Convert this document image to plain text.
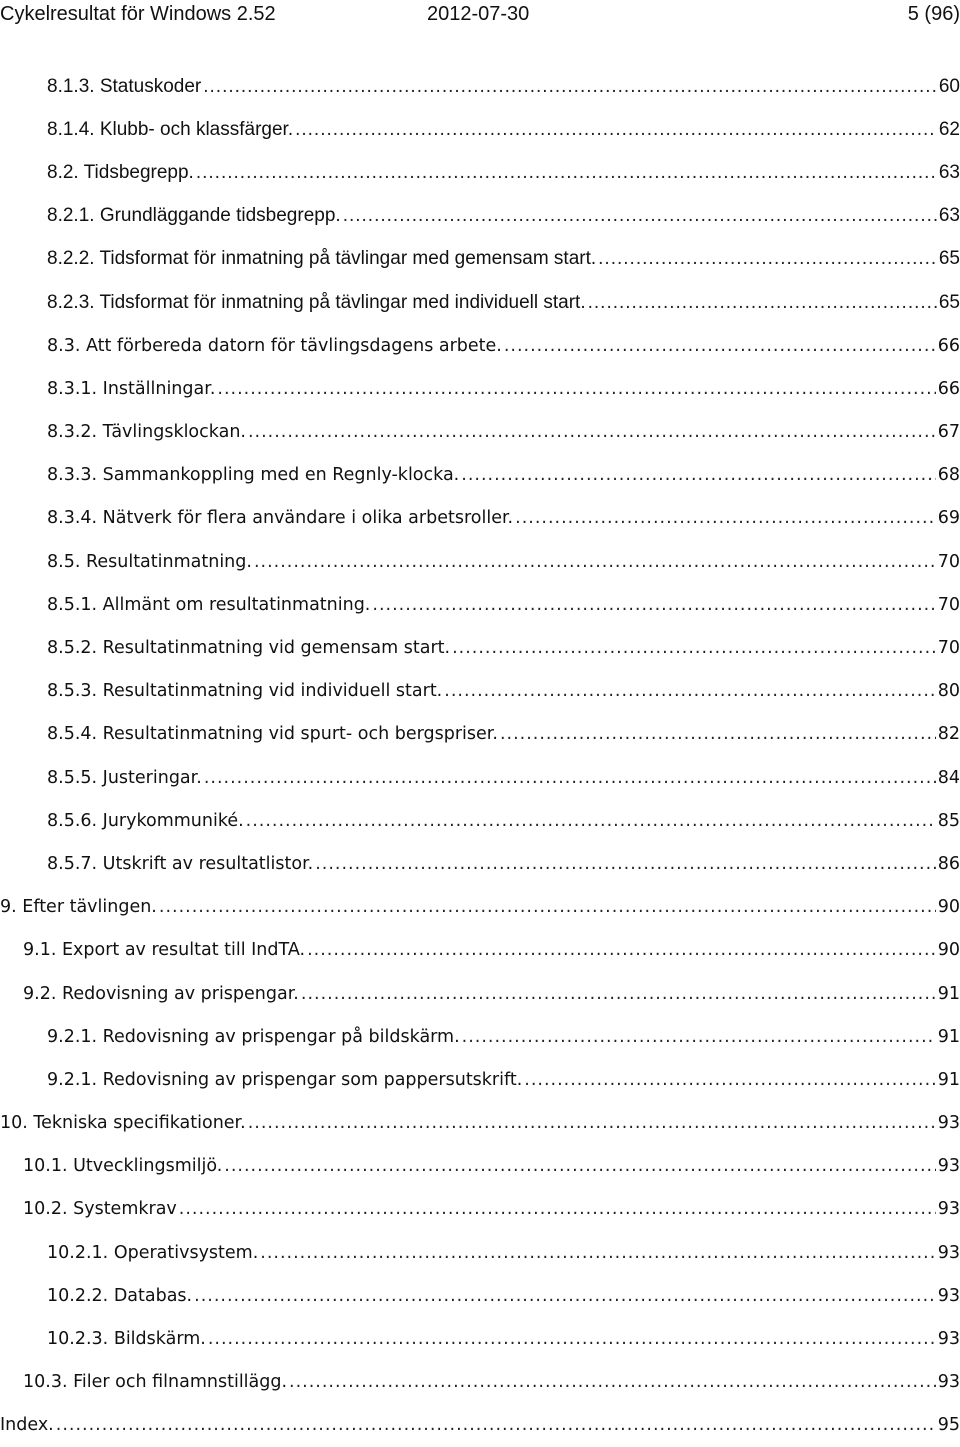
Cykelresultat för Windows 2.52	2012-07-30	5 (96)
8.1.3. Statuskoder .....	60
8.1.4. Klubb- och klassfärger. .....	62
8.2. Tidsbegrepp. .....	63
8.2.1. Grundläggande tidsbegrepp. .....	63
8.2.2. Tidsformat för inmatning på tävlingar med gemensam start. .....	65
8.2.3. Tidsformat för inmatning på tävlingar med individuell start. .....	65
8.3. Att förbereda datorn för tävlingsdagens arbete. .....	66
8.3.1. Inställningar. .....	66
8.3.2. Tävlingsklockan. .....	67
8.3.3. Sammankoppling med en Regnly-klocka. .....	68
8.3.4. Nätverk för flera användare i olika arbetsroller. .....	69
8.5. Resultatinmatning. .....	70
8.5.1. Allmänt om resultatinmatning. .....	70
8.5.2. Resultatinmatning vid gemensam start. .....	70
8.5.3. Resultatinmatning vid individuell start. .....	80
8.5.4. Resultatinmatning vid spurt- och bergspriser. .....	82
8.5.5. Justeringar. .....	84
8.5.6. Jurykommuniké. .....	85
8.5.7. Utskrift av resultatlistor. .....	86
9. Efter tävlingen. .....	90
9.1. Export av resultat till IndTA. .....	90
9.2. Redovisning av prispengar. .....	91
9.2.1. Redovisning av prispengar på bildskärm. .....	91
9.2.1. Redovisning av prispengar som pappersutskrift. .....	91
10. Tekniska specifikationer. .....	93
10.1. Utvecklingsmiljö. .....	93
10.2. Systemkrav .....	93
10.2.1. Operativsystem. .....	93
10.2.2. Databas. .....	93
10.2.3. Bildskärm. .....	93
10.3. Filer och filnamnstillägg. .....	93
Index. .....	95
